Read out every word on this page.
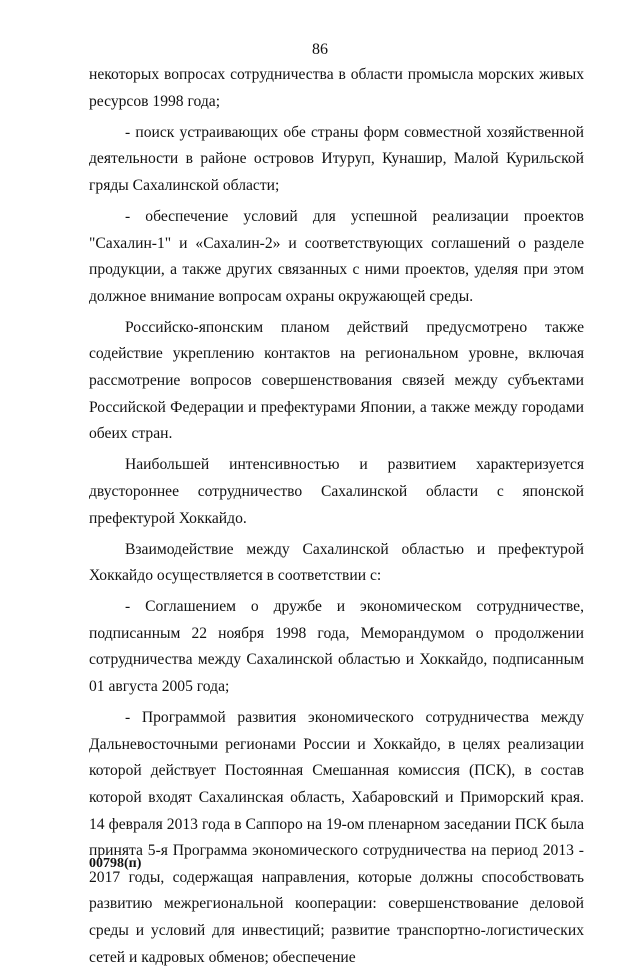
86

некоторых вопросах сотрудничества в области промысла морских живых ресурсов 1998 года;

- поиск устраивающих обе страны форм совместной хозяйственной деятельности в районе островов Итуруп, Кунашир, Малой Курильской гряды Сахалинской области;

- обеспечение условий для успешной реализации проектов "Сахалин-1" и «Сахалин-2» и соответствующих соглашений о разделе продукции, а также других связанных с ними проектов, уделяя при этом должное внимание вопросам охраны окружающей среды.

Российско-японским планом действий предусмотрено также содействие укреплению контактов на региональном уровне, включая рассмотрение вопросов совершенствования связей между субъектами Российской Федерации и префектурами Японии, а также между городами обеих стран.

Наибольшей интенсивностью и развитием характеризуется двустороннее сотрудничество Сахалинской области с японской префектурой Хоккайдо.

Взаимодействие между Сахалинской областью и префектурой Хоккайдо осуществляется в соответствии с:

- Соглашением о дружбе и экономическом сотрудничестве, подписанным 22 ноября 1998 года, Меморандумом о продолжении сотрудничества между Сахалинской областью и Хоккайдо, подписанным 01 августа 2005 года;

- Программой развития экономического сотрудничества между Дальневосточными регионами России и Хоккайдо, в целях реализации которой действует Постоянная Смешанная комиссия (ПСК), в состав которой входят Сахалинская область, Хабаровский и Приморский края. 14 февраля 2013 года в Саппоро на 19-ом пленарном заседании ПСК была принята 5-я Программа экономического сотрудничества на период 2013 - 2017 годы, содержащая направления, которые должны способствовать развитию межрегиональной кооперации: совершенствование деловой среды и условий для инвестиций; развитие транспортно-логистических сетей и кадровых обменов; обеспечение

00798(п)
